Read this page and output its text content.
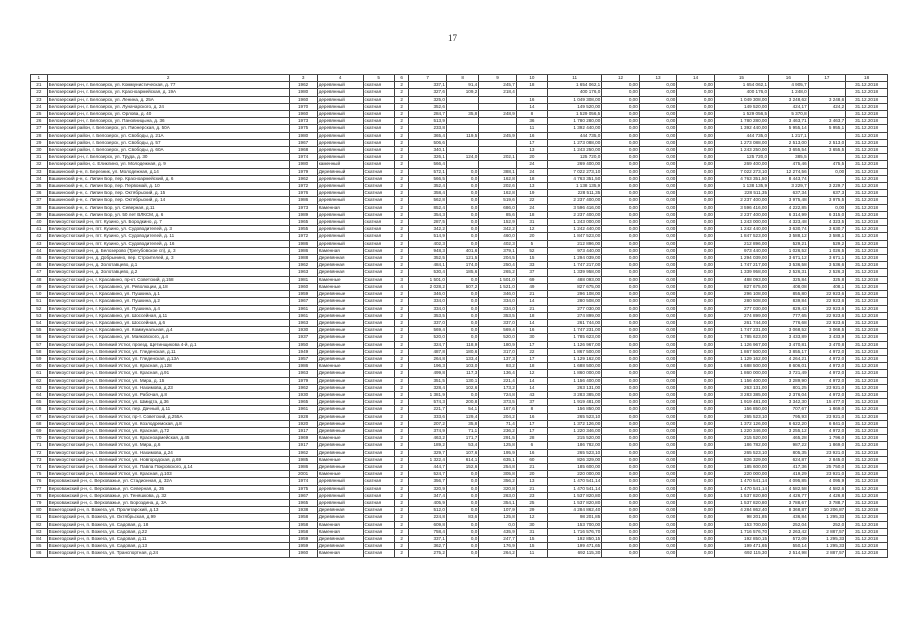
17
1	2	3	4	5	6	7	8	9	10	11	12	13	14	15	16	17	18
21	Белозерский р-н, г. Белозерск, ул. Коммунистическая, д. 77	1962	деревянный	скатная	2	337,1	91,4	245,7	18	1 654 062,1	0,00	0,00	0,00	1 654 062,1	4 905,7		31.12.2018
22	Белозерский р-н, г. Белозерск, ул. Красноармейская, д. 19А	1980	деревянный	скатная	2	327,6	109,2	218,4		400 176,0	0,00	0,00	0,00	400 176,0	1 248,0		31.12.2018
23	Белозерский р-н, г. Белозерск, ул. Ленина, д. 25А	1960	деревянный	скатная	2	325,0			16	1 049 308,00	0,00	0,00	0,00	1 049 308,00	3 248,62	3 248,6	31.12.2018
24	Белозерский р-н, г. Белозерск, ул. Луначарского, д. 24	1970	деревянный	скатная	2	352,6			14	149 520,00	0,00	0,00	0,00	149 520,00	424,17	424,2	31.12.2018
25	Белозерский р-н, г. Белозерск, ул. Орлова, д. 40	1960	деревянный	скатная	2	284,7	35,8	248,9	8	1 529 056,5	0,00	0,00	0,00	1 529 056,5	5 370,8		31.12.2018
26	Белозерский р-н, г. Белозерск, ул. Пановницына, д. 36	1973	деревянный	скатная	2	513,9			36	1 780 280,00	0,00	0,00	0,00	1 780 280,00	3 463,71	3 463,7	31.12.2018
27	Белозерский район, г. Белозерск, ул. Пионерская, д. 50А	1975	деревянный	скатная	2	233,8			11	1 392 440,00	0,00	0,00	0,00	1 392 440,00	5 955,14	5 955,1	31.12.2018
28	Белозерский район, г. Белозерск, ул. Свободы, д. 21А	1980	деревянный	скатная	2	365,4	119,5	245,9	16	444 735,0	0,00	0,00	0,00	444 735,0	1 217,1		31.12.2018
29	Белозерский район, г. Белозерск, ул. Свободы, д. 57	1967	деревянный	скатная	2	506,6			17	1 273 088,00	0,00	0,00	0,00	1 273 088,00	2 513,00	2 513,0	31.12.2018
30	Белозерский район, г. Белозерск, ул. Свободы, д. 60А	1968	деревянный	скатная	2	340,1			13	1 243 250,00	0,00	0,00	0,00	1 243 250,00	3 655,54	3 655,5	31.12.2018
31	Белозерский р-н, г. Белозерск, ул. Труда, д. 30	1974	деревянный	скатная	2	326,1	124,0	202,1	20	125 720,0	0,00	0,00	0,00	125 720,0	385,5		31.12.2018
32	Белозерский район, с. Еликлино, ул. Молодежная, д. 9	1980	каменный	скатная	2	566,4			24	269 400,00	0,00	0,00	0,00	269 400,00	475,46	475,5	31.12.2018
33	Вашкинский р-н, п. Березник, ул. Молодежная, д.14	1979	Деревянный	Скатная	2	572,1	0,0	388,1	24	7 022 273,10	0,00	0,00	0,00	7 022 273,10	12 274,56	0,00	31.12.2018
34	Вашкинский р-н, с. Липин Бор, пер. Красноармейский, д. 6	1962	деревянный	Скатная	2	566,5	0,0	162,8	18	4 763 351,50	0,00	0,00	0,00	4 763 351,50	8 443,74		31.12.2018
35	Вашкинский р-н, с. Липин Бор, пер. Первомай, д. 10	1972	деревянный	Скатная	2	352,4	0,0	202,6	13	1 138 135,9	0,00	0,00	0,00	1 138 135,9	3 229,7	3 229,7	31.12.2018
36	Вашкинский р-н, с. Липин Бор, пер. Октябрьский, д. 15	1976	деревянный	Скатная	2	358,4	0,0	162,8	19	228 511,35	0,00	0,00	0,00	228 511,35	637,34	637,3	31.12.2018
37	Вашкинский р-н, с. Липин Бор, пер. Октябрьский, д. 14	1986	деревянный	Скатная	2	562,8	0,0	519,6	22	2 237 400,00	0,00	0,00	0,00	2 237 400,00	3 975,48	3 975,5	31.12.2018
38	Вашкинский р-н, с. Липин Бор, ул. Северная, д.11	1973	Каменная	Скатная	2	852,4	0,0	686,0	24	3 596 416,00	0,00	0,00	0,00	3 596 416,00	4 222,85	0,00	31.12.2018
39	Вашкинский р-н, с. Липин Бор, ул. 50 лет ВЛКСМ, д. 6	1989	деревянный	Скатная	2	354,3	0,0	85,6	18	2 237 400,00	0,00	0,00	0,00	2 237 400,00	6 314,99	6 315,0	31.12.2018
40	Великоустюгский р-н, пгт. Кузино, ул. Бородкино, д. 7	1965	деревянный	скатная	2	287,5	0,0	152,9	31	1 243 000,00	0,00	0,00	0,00	1 243 000,00	4 323,48	4 323,5	31.12.2018
41	Великоустюгский р-н, пгт. Кузино, ул. Судоводителей, д. 3	1955	деревянный	скатная	2	342,2	0,0	342,2	12	1 242 440,00	0,00	0,00	0,00	1 242 440,00	3 630,74	3 630,7	31.12.2018
42	Великоустюгский р-н, пгт. Кузино, ул. Судоводителей, д. 11	1972	деревянный	скатная	2	514,9	0,0	460,0	20	1 847 523,00	0,00	0,00	0,00	1 847 523,00	3 588,12	3 588,1	31.12.2018
43	Великоустюгский р-н, пгт. Кузино, ул. Судоводителей, д. 16	1986	деревянный	скатная	2	402,3	0,0	402,3	5	212 896,00	0,00	0,00	0,00	212 896,00	529,21	529,2	31.12.2018
44	Великоустюгский р-н, д. Белозерово (Трегубовское сп), д. 3	1986	Каменная	Скатная	2	948,3	401,6	379,1	52	973 440,00	0,00	0,00	0,00	973 440,00	1 026,52	1 026,5	31.12.2018
45	Великоустюгский р-н, д. Добрынино, пер. Строителей, д. 3	1988	Деревянная	Скатная	2	352,5	121,5	204,5	15	1 294 039,00	0,00	0,00	0,00	1 294 039,00	3 671,12	3 671,1	31.12.2018
46	Великоустюгский р-н, д. Золотавцево, д.1	1962	Деревянная	Скатная	2	484,1	174,0	250,4	33	1 747 217,00	0,00	0,00	0,00	1 747 217,00	3 536,58	3 536,6	31.12.2018
47	Великоустюгский р-н, д. Золотавцево, д.2	1963	Деревянная	Скатная	2	530,4	185,6	265,2	37	1 339 958,00	0,00	0,00	0,00	1 339 958,00	2 526,31	2 526,3	31.12.2018
48	Великоустюгский р-н, г. Красавино, пр-кт. Советский, д.158	1981	Каменные	Скатная	3	1 501,0	0,0	1 501,0	69	488 093,00	0,00	0,00	0,00	488 093,00	325,84	325,8	31.12.2018
49	Великоустюгский р-н, г. Красавино, ул. Революции, д.18	1960	Каменные	Скатная	4	2 028,2	507,2	1 521,0	49	827 675,00	0,00	0,00	0,00	827 675,00	408,08	408,1	31.12.2018
50	Великоустюгский р-н, г. Красавино, ул. Пушкина, д.1	1959	Деревянные	Скатная	2	346,0	0,0	346,0	21	296 108,00	0,00	0,00	0,00	296 108,00	855,80	22 923,6	31.12.2018
51	Великоустюгский р-н, г. Красавино, ул. Пушкина, д.2	1967	Деревянные	Скатная	2	334,0	0,0	334,0	14	280 508,00	0,00	0,00	0,00	280 508,00	839,84	22 923,6	31.12.2018
52	Великоустюгский р-н, г. Красавино, ул. Пушкина, д.4	1961	Деревянные	Скатная	2	334,0	0,0	334,0	21	277 030,00	0,00	0,00	0,00	277 030,00	829,43	22 923,6	31.12.2018
53	Великоустюгский р-н, г. Красавино, ул. Шоссейная, д.11	1961	Деревянные	Скатная	2	353,5	0,0	353,5	18	274 899,00	0,00	0,00	0,00	274 899,00	777,65	22 923,6	31.12.2018
54	Великоустюгский р-н, г. Красавино, ул. Шоссейная, д.6	1963	Деревянные	Скатная	2	337,0	0,0	337,0	14	261 744,00	0,00	0,00	0,00	261 744,00	776,68	22 923,6	31.12.2018
55	Великоустюгский р-н, г. Красавино, ул. Коммунальная, д.4	1930	Деревянные	Скатная	2	569,4	0,0	569,4	16	1 747 231,00	0,00	0,00	0,00	1 747 231,00	3 068,52	3 068,5	31.12.2018
56	Великоустюгский р-н, г. Красавино, ул. Маяковского, д.4	1937	Деревянные	Скатная	2	520,0	0,0	520,0	30	1 785 623,00	0,00	0,00	0,00	1 785 623,00	3 433,89	3 433,9	31.12.2018
57	Великоустюгский р-н, г. Великий Устюг, проезд. Щетинщикова 4-й, д.1	1950	Деревянные	Скатная	2	324,7	118,9	180,9	17	1 126 967,00	0,00	0,00	0,00	1 126 967,00	3 470,81	3 470,8	31.12.2018
58	Великоустюгский р-н, г. Великий Устюг, ул. Гледенская, д.11	1949	Деревянные	Скатная	2	487,8	180,6	317,0	22	1 867 500,00	0,00	0,00	0,00	1 867 500,00	3 855,17	4 972,0	31.12.2018
59	Великоустюгский р-н, г. Великий Устюг, ул. Гледенская, д.13А	1957	Деревянные	Скатная	2	264,8	133,4	137,3	17	1 129 162,00	0,00	0,00	0,00	1 129 162,00	4 264,21	4 972,0	31.12.2018
60	Великоустюгский р-н, г. Великий Устюг, ул. Красная, д.128	1986	Каменные	Скатная	2	196,3	103,0	93,2	18	1 688 500,00	0,00	0,00	0,00	1 688 500,00	8 606,01	4 972,0	31.12.2018
61	Великоустюгский р-н, г. Великий Устюг, ул. Красная, д.91	1963	Деревянные	Скатная	2	499,8	117,3	136,4	12	1 860 000,00	0,00	0,00	0,00	1 860 000,00	3 721,49	4 972,0	31.12.2018
62	Великоустюгский р-н, г. Великий Устюг, ул. Мира, д. 15	1979	Деревянные	Скатная	2	351,5	130,1	221,4	14	1 156 400,00	0,00	0,00	0,00	1 156 400,00	3 289,90	4 972,0	31.12.2018
63	Великоустюгский р-н, г. Великий Устюг, ул. Нахимова, д.23	1962	Деревянные	Скатная	2	328,4	102,6	173,2	14	263 131,00	0,00	0,00	0,00	263 131,00	801,25	23 921,0	31.12.2018
64	Великоустюгский р-н, г. Великий Устюг, ул. Рабочая, д.8	1930	Деревянные	Скатная	2	1 381,9	0,0	724,8	43	3 283 385,00	0,00	0,00	0,00	3 283 385,00	2 376,04	4 972,0	31.12.2018
65	Великоустюгский р-н, г. Великий Устюг, ул. Шмидта, д.36	1965	Деревянные	Скатная	2	574,3	200,8	373,5	37	1 919 481,00	0,00	0,00	0,00	1 919 481,00	3 342,30	15 477,0	31.12.2018
66	Великоустюгский р-н, г. Великий Устюг, пер. Дачный, д.11	1961	Деревянные	Скатная	2	221,7	54,1	167,6	8	156 850,00	0,00	0,00	0,00	156 850,00	707,67	1 869,0	31.12.2018
67	Великоустюгский р-н, г. Великий Устюг, пр-т. Советский, д.255А	1928	Деревянные	Скатная	2	333,6	129,4	204,2	16	265 523,10	0,00	0,00	0,00	265 523,10	795,93	23 921,0	31.12.2018
68	Великоустюгский р-н, г. Великий Устюг, ул. Козлодремская, д.8	1920	Деревянные	Скатная	2	207,2	35,8	71,4	17	1 372 126,00	0,00	0,00	0,00	1 372 126,00	6 622,20	6 841,0	31.12.2018
69	Великоустюгский р-н, г. Великий Устюг, ул. Красная, д.72	1917	Деревянные	Скатная	2	374,9	71,1	236,2	17	1 220 346,00	0,00	0,00	0,00	1 220 346,00	3 255,12	4 972,0	31.12.2018
70	Великоустюгский р-н, г. Великий Устюг, ул. Красноармейская, д.45	1969	Каменные	Скатная	2	463,2	171,7	291,5	28	215 520,00	0,00	0,00	0,00	215 520,00	465,28	1 796,0	31.12.2018
71	Великоустюгский р-н, г. Великий Устюг, ул. Мира, д.6	1917	Деревянные	Скатная	2	189,2	53,4	125,8	6	186 782,00	0,00	0,00	0,00	186 782,00	987,22	1 869,0	31.12.2018
72	Великоустюгский р-н, г. Великий Устюг, ул. Нахимова, д.24	1962	Деревянные	Скатная	2	329,7	107,6	195,9	16	265 523,10	0,00	0,00	0,00	265 523,10	805,35	23 921,0	31.12.2018
73	Великоустюгский р-н, г. Великий Устюг, ул. Новгородская, д.69	1985	Каменные	Скатная	2	1 322,4	614,1	635,1	60	826 329,00	0,00	0,00	0,00	826 329,00	624,87	2 845,0	31.12.2018
74	Великоустюгский р-н, г. Великий Устюг, ул. Павла Покровского, д.14	1986	Деревянные	Скатная	2	444,7	152,6	254,8	21	185 600,00	0,00	0,00	0,00	185 600,00	417,36	25 750,0	31.12.2018
75	Великоустюгский р-н, г. Великий Устюг, ул. Красная, д.103	2001	Каменные	Скатная	2	524,7	0,0	305,8	20	220 000,00	0,00	0,00	0,00	220 000,00	419,29	23 921,0	31.12.2018
76	Верховажский р-н, с. Верховажье, ул. Стадионная, д. 32А	1974	деревянный	скатная	2	356,7	0,0	356,2	13	1 470 541,14	0,00	0,00	0,00	1 470 541,14	4 095,85	4 095,9	31.12.2018
77	Верховажский р-н, с. Верховажье, ул. Северная, д. 35	1975	деревянный	скатная	2	320,9	0,0	320,8	21	1 470 541,14	0,00	0,00	0,00	1 470 541,14	4 582,58	4 582,6	31.12.2018
78	Верховажский р-н, с. Верховажье, ул. Теняшкова, д. 32	1967	деревянный	скатная	2	347,4	0,0	263,0	23	1 537 820,80	0,00	0,00	0,00	1 537 820,80	4 426,77	4 426,8	31.12.2018
79	Верховажский р-н, с. Верховажье, ул. Бороздина, д. 3А	1965	деревянный	скатная	2	405,9	0,0	354,1	25	1 537 820,80	0,00	0,00	0,00	1 537 820,80	3 788,67	3 788,7	31.12.2018
80	Вожегодский р-н, п. Вожега, ул. Пролетарский, д.13	1938	Деревянная	Скатная	2	512,0	0,0	107,9	29	4 284 862,40	0,00	0,00	0,00	4 284 862,40	8 368,87	10 206,87	31.12.2018
81	Вожегодский р-н, п. Вожега, ул. Октябрьская, д.99	1958	Деревянная	Скатная	2	224,8	83,6	125,8	12	98 201,85	0,00	0,00	0,00	98 201,85	436,84	1 295,33	31.12.2018
82	Вожегодский р-н, п. Вожега, ул. Садовая, д. 18	1958	Каменная	Скатная	2	609,8	0,0	0,0	30	153 700,00	0,00	0,00	0,00	153 700,00	252,04	252,0	31.12.2018
83	Вожегодский р-н, п. Вожега, ул. Садовая, д.22	1958	Каменная	Скатная	2	758,4	0,0	435,9	31	1 716 576,70	0,00	0,00	0,00	1 716 576,70	2 263,42	2 887,57	31.12.2018
84	Вожегодский р-н, п. Вожега, ул. Садовая, д.11	1959	Деревянная	Скатная	2	337,1	0,0	247,7	15	192 850,15	0,00	0,00	0,00	192 850,15	572,09	1 295,33	31.12.2018
85	Вожегодский р-н, п. Вожега, ул. Садовая, д.13	1959	Деревянная	Скатная	2	362,7	0,0	176,9	15	199 471,65	0,00	0,00	0,00	199 471,65	550,14	1 295,33	31.12.2018
86	Вожегодский р-н, п. Вожега, ул. Транспортная, д.24	1960	Каменная	Скатная	2	275,2	0,0	264,2	11	692 115,30	0,00	0,00	0,00	692 115,30	2 514,98	2 887,57	31.12.2018
